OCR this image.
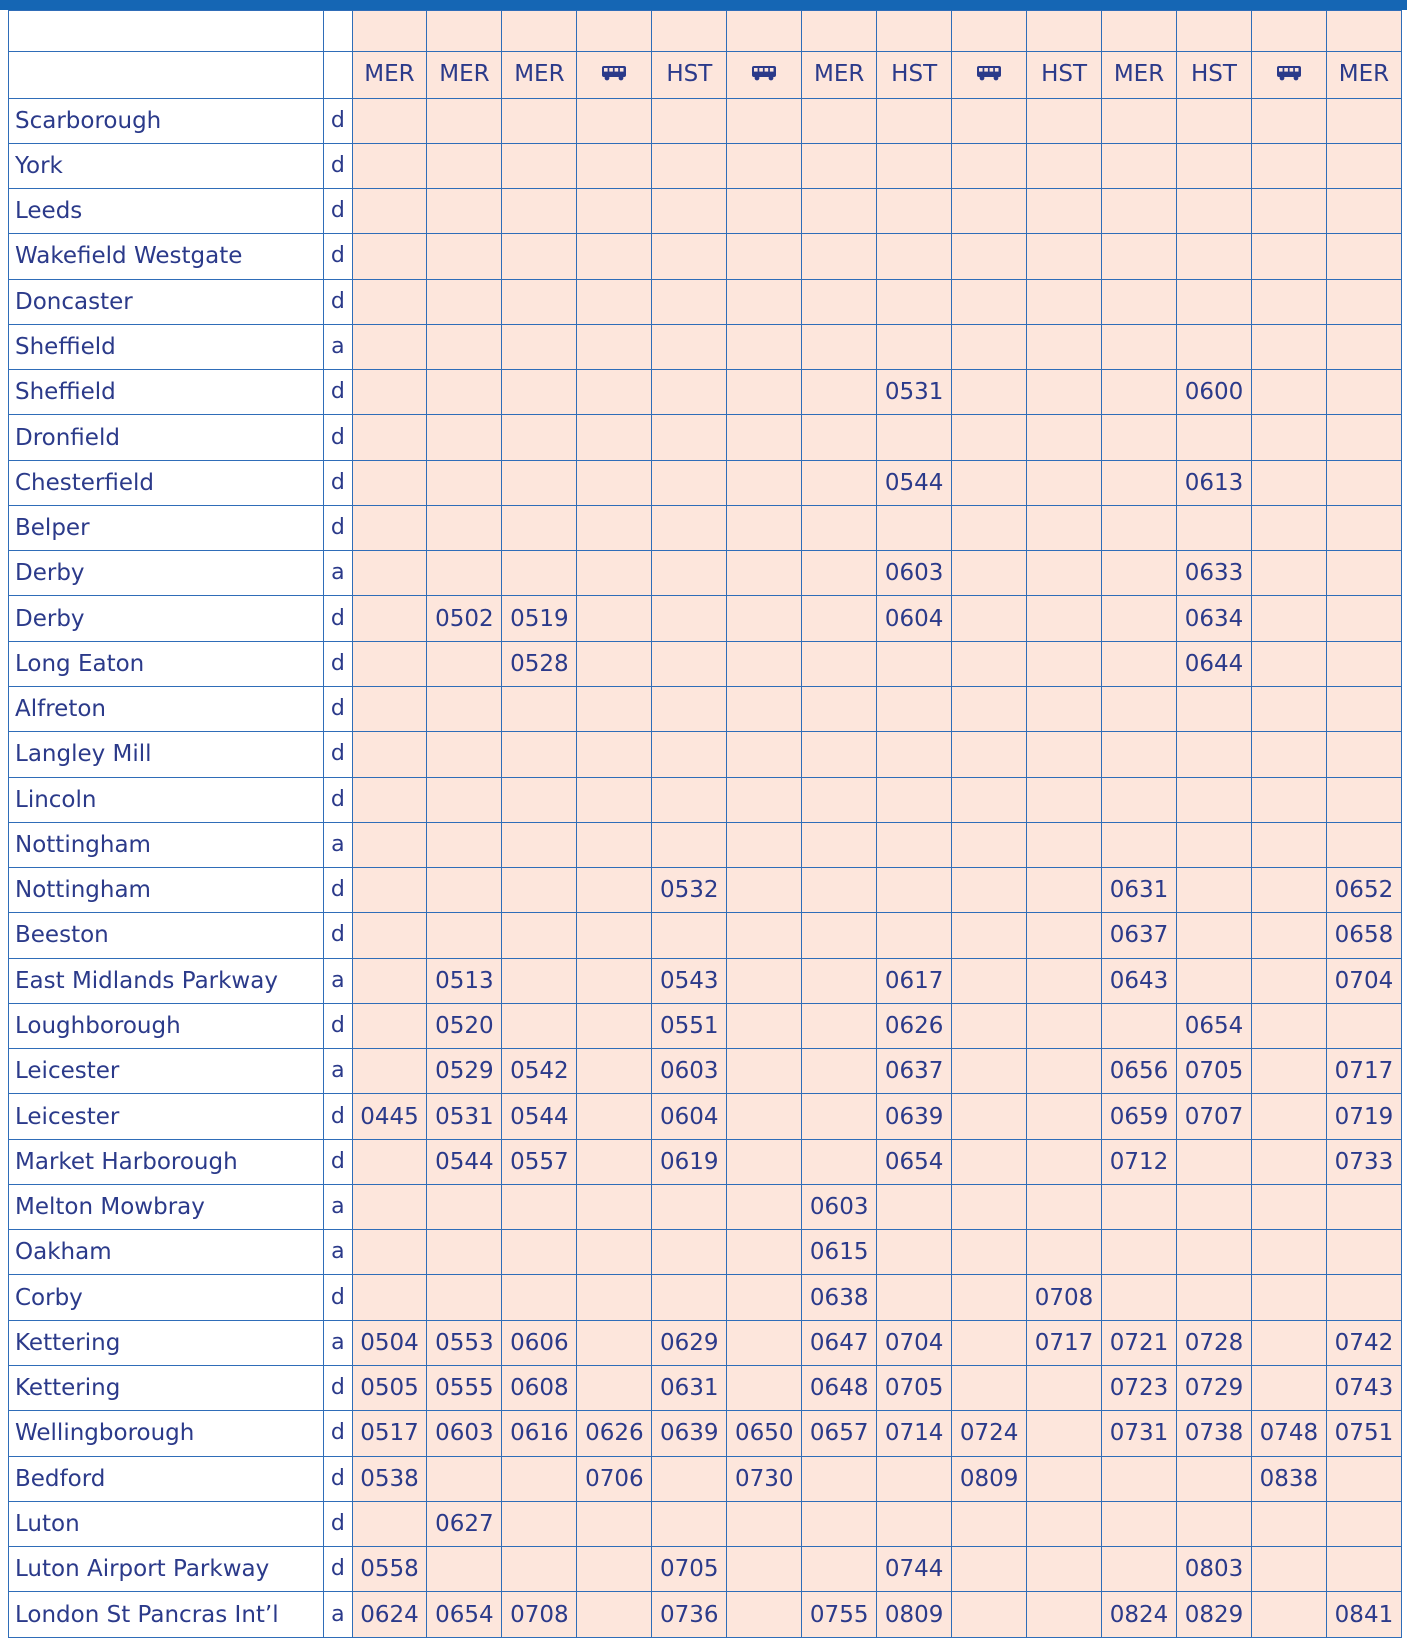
		MER	MER	MER		HST		MER	HST		HST	MER	HST		MER
Scarborough	d														
York	d														
Leeds	d														
Wakefield Westgate	d														
Doncaster	d														
Sheffield	a														
Sheffield	d								0531				0600		
Dronfield	d														
Chesterfield	d								0544				0613		
Belper	d														
Derby	a								0603				0633		
Derby	d		0502	0519					0604				0634		
Long Eaton	d			0528									0644		
Alfreton	d														
Langley Mill	d														
Lincoln	d														
Nottingham	a														
Nottingham	d					0532						0631			0652
Beeston	d											0637			0658
East Midlands Parkway	a		0513			0543			0617			0643			0704
Loughborough	d		0520			0551			0626				0654		
Leicester	a		0529	0542		0603			0637			0656	0705		0717
Leicester	d	0445	0531	0544		0604			0639			0659	0707		0719
Market Harborough	d		0544	0557		0619			0654			0712			0733
Melton Mowbray	a							0603							
Oakham	a							0615							
Corby	d							0638			0708				
Kettering	a	0504	0553	0606		0629		0647	0704		0717	0721	0728		0742
Kettering	d	0505	0555	0608		0631		0648	0705			0723	0729		0743
Wellingborough	d	0517	0603	0616	0626	0639	0650	0657	0714	0724		0731	0738	0748	0751
Bedford	d	0538			0706		0730			0809				0838	
Luton	d		0627												
Luton Airport Parkway	d	0558				0705			0744				0803		
London St Pancras Int’l	a	0624	0654	0708		0736		0755	0809			0824	0829		0841
